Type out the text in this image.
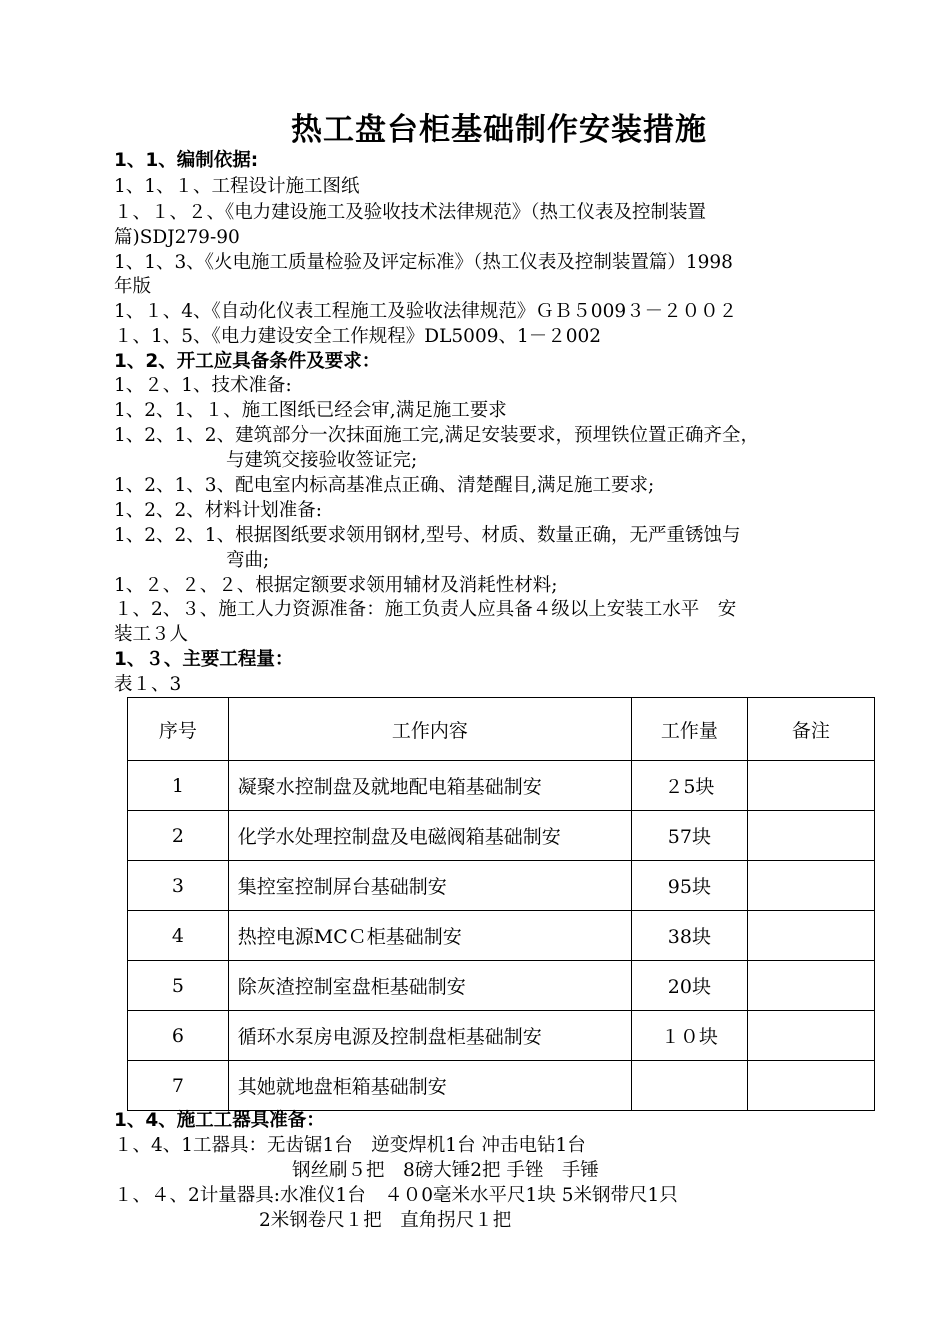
热工盘台柜基础制作安装措施
1、1、编制依据:
1、1、１、工程设计施工图纸
１、１、２、《电力建设施工及验收技术法律规范》（热工仪表及控制装置
篇)SDJ279-90
1、1、3、《火电施工质量检验及评定标准》（热工仪表及控制装置篇）1998
年版
1、１、4、《自动化仪表工程施工及验收法律规范》ＧＢ５009３－２００２
１、1、5、《电力建设安全工作规程》DL5009、1－２002
1、2、开工应具备条件及要求：
1、２、1、技术准备:
1、2、1、１、施工图纸已经会审,满足施工要求
1、2、1、2、建筑部分一次抹面施工完,满足安装要求，预埋铁位置正确齐全，
与建筑交接验收签证完;
1、2、1、3、配电室内标高基准点正确、清楚醒目,满足施工要求;
1、2、2、材料计划准备:
1、2、2、1、根据图纸要求领用钢材,型号、材质、数量正确，无严重锈蚀与
弯曲;
1、２、２、２、根据定额要求领用辅材及消耗性材料;
１、2、３、施工人力资源准备：施工负责人应具备４级以上安装工水平　安
装工３人
1、３、主要工程量：
表１、3
序号	工作内容	工作量	备注
1	凝聚水控制盘及就地配电箱基础制安	２5块	
2	化学水处理控制盘及电磁阀箱基础制安	57块	
3	集控室控制屏台基础制安	95块	
4	热控电源MCＣ柜基础制安	38块	
5	除灰渣控制室盘柜基础制安	20块	
6	循环水泵房电源及控制盘柜基础制安	１０块	
7	其她就地盘柜箱基础制安		
1、4、施工工器具准备：
１、4、1工器具：无齿锯1台　逆变焊机1台 冲击电钻1台
钢丝刷５把　8磅大锤2把 手锉　手锤
１、４、2计量器具:水准仪1台　４０0毫米水平尺1块 5米钢带尺1只
2米钢卷尺１把　直角拐尺１把
